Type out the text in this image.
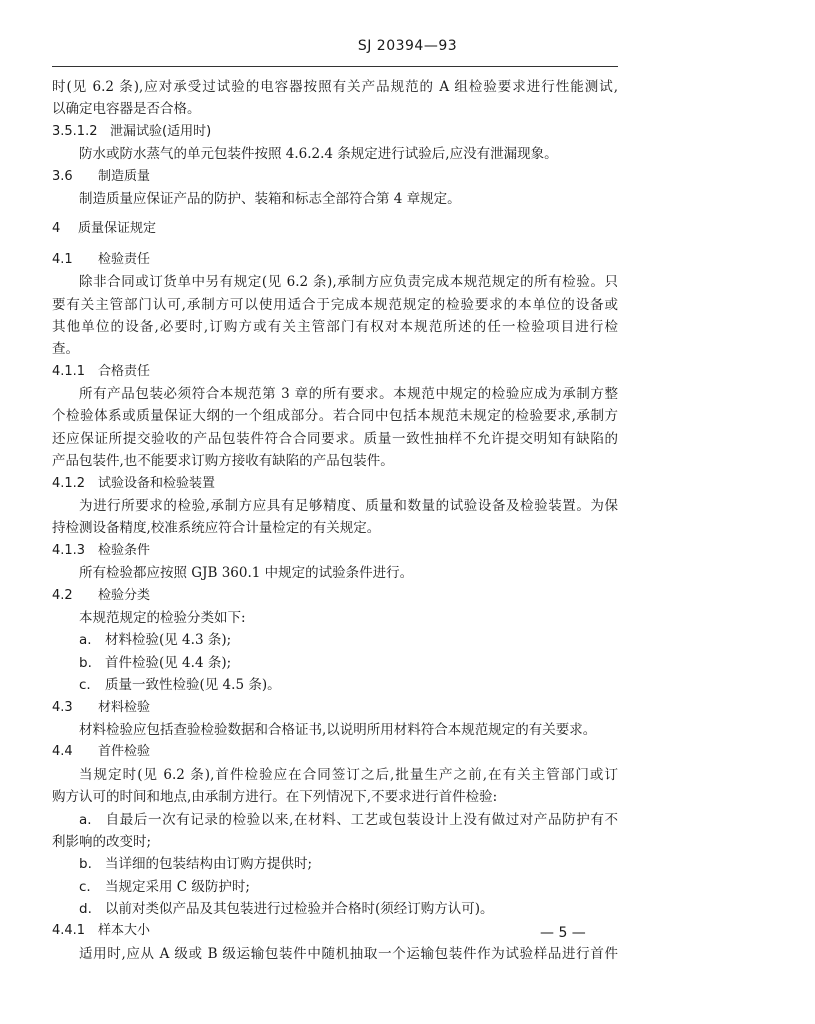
SJ 20394—93
时(见 6.2 条),应对承受过试验的电容器按照有关产品规范的 A 组检验要求进行性能测试,
以确定电容器是否合格。
3.5.1.2 泄漏试验(适用时)
防水或防水蒸气的单元包装件按照 4.6.2.4 条规定进行试验后,应没有泄漏现象。
3.6 制造质量
制造质量应保证产品的防护、装箱和标志全部符合第 4 章规定。
4 质量保证规定
4.1 检验责任
除非合同或订货单中另有规定(见 6.2 条),承制方应负责完成本规范规定的所有检验。只
要有关主管部门认可,承制方可以使用适合于完成本规范规定的检验要求的本单位的设备或
其他单位的设备,必要时,订购方或有关主管部门有权对本规范所述的任一检验项目进行检
查。
4.1.1 合格责任
所有产品包装必须符合本规范第 3 章的所有要求。本规范中规定的检验应成为承制方整
个检验体系或质量保证大纲的一个组成部分。若合同中包括本规范未规定的检验要求,承制方
还应保证所提交验收的产品包装件符合合同要求。质量一致性抽样不允许提交明知有缺陷的
产品包装件,也不能要求订购方接收有缺陷的产品包装件。
4.1.2 试验设备和检验装置
为进行所要求的检验,承制方应具有足够精度、质量和数量的试验设备及检验装置。为保
持检测设备精度,校准系统应符合计量检定的有关规定。
4.1.3 检验条件
所有检验都应按照 GJB 360.1 中规定的试验条件进行。
4.2 检验分类
本规范规定的检验分类如下:
a. 材料检验(见 4.3 条);
b. 首件检验(见 4.4 条);
c. 质量一致性检验(见 4.5 条)。
4.3 材料检验
材料检验应包括查验检验数据和合格证书,以说明所用材料符合本规范规定的有关要求。
4.4 首件检验
当规定时(见 6.2 条),首件检验应在合同签订之后,批量生产之前,在有关主管部门或订
购方认可的时间和地点,由承制方进行。在下列情况下,不要求进行首件检验:
a. 自最后一次有记录的检验以来,在材料、工艺或包装设计上没有做过对产品防护有不
利影响的改变时;
b. 当详细的包装结构由订购方提供时;
c. 当规定采用 C 级防护时;
d. 以前对类似产品及其包装进行过检验并合格时(须经订购方认可)。
4.4.1 样本大小
适用时,应从 A 级或 B 级运输包装件中随机抽取一个运输包装件作为试验样品进行首件
— 5 —
